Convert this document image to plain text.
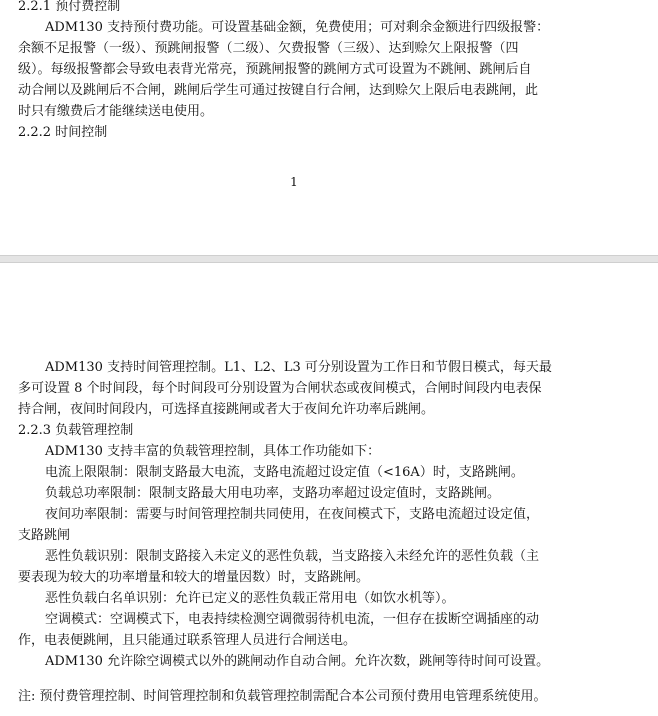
2.2.1 预付费控制
ADM130 支持预付费功能。可设置基础金额，免费使用；可对剩余金额进行四级报警：
余额不足报警（一级）、预跳闸报警（二级）、欠费报警（三级）、达到赊欠上限报警（四
级）。每级报警都会导致电表背光常亮，预跳闸报警的跳闸方式可设置为不跳闸、跳闸后自
动合闸以及跳闸后不合闸，跳闸后学生可通过按键自行合闸，达到赊欠上限后电表跳闸，此
时只有缴费后才能继续送电使用。
2.2.2 时间控制
1
ADM130 支持时间管理控制。L1、L2、L3 可分别设置为工作日和节假日模式，每天最
多可设置 8 个时间段，每个时间段可分别设置为合闸状态或夜间模式，合闸时间段内电表保
持合闸，夜间时间段内，可选择直接跳闸或者大于夜间允许功率后跳闸。
2.2.3 负载管理控制
ADM130 支持丰富的负载管理控制，具体工作功能如下：
电流上限限制：限制支路最大电流，支路电流超过设定值（<16A）时，支路跳闸。
负载总功率限制：限制支路最大用电功率，支路功率超过设定值时，支路跳闸。
夜间功率限制：需要与时间管理控制共同使用，在夜间模式下，支路电流超过设定值，
支路跳闸
恶性负载识别：限制支路接入未定义的恶性负载，当支路接入未经允许的恶性负载（主
要表现为较大的功率增量和较大的增量因数）时，支路跳闸。
恶性负载白名单识别：允许已定义的恶性负载正常用电（如饮水机等）。
空调模式：空调模式下，电表持续检测空调微弱待机电流，一但存在拔断空调插座的动
作，电表便跳闸，且只能通过联系管理人员进行合闸送电。
ADM130 允许除空调模式以外的跳闸动作自动合闸。允许次数，跳闸等待时间可设置。
注: 预付费管理控制、时间管理控制和负载管理控制需配合本公司预付费用电管理系统使用。
